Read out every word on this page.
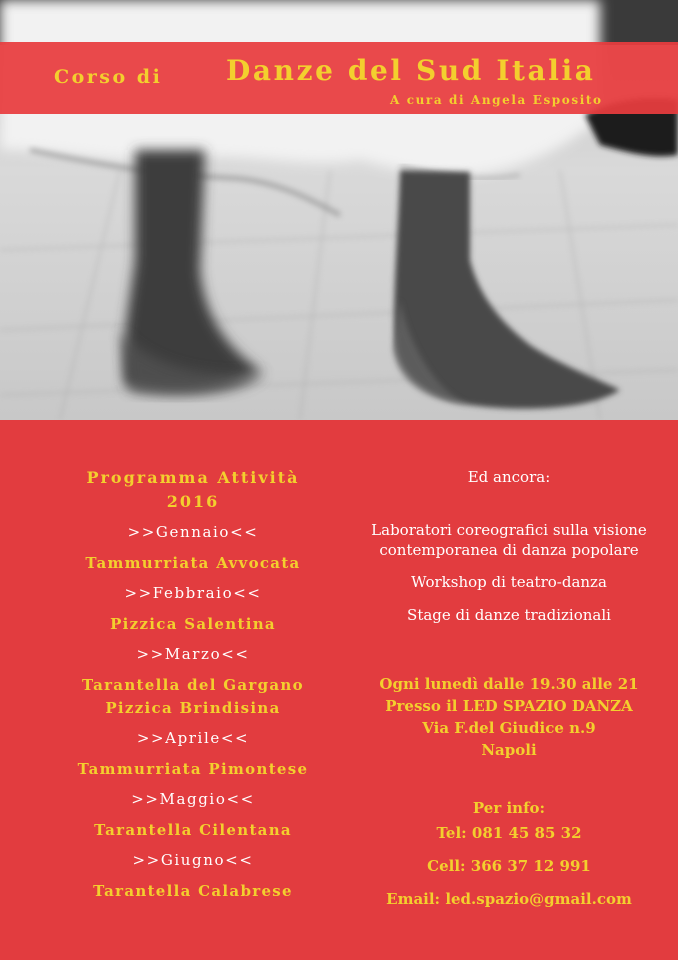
Corso di Danze del Sud Italia
A cura di Angela Esposito
Programma Attività
2016
>>Gennaio<<
Tammurriata Avvocata
>>Febbraio<<
Pizzica Salentina
>>Marzo<<
Tarantella del Gargano
Pizzica Brindisina
>>Aprile<<
Tammurriata Pimontese
>>Maggio<<
Tarantella Cilentana
>>Giugno<<
Tarantella Calabrese
Ed ancora:
Laboratori coreografici sulla visione
contemporanea di danza popolare
Workshop di teatro-danza
Stage di danze tradizionali
Ogni lunedì dalle 19.30 alle 21
Presso il LED SPAZIO DANZA
Via F.del Giudice n.9
Napoli
Per info:
Tel: 081 45 85 32
Cell: 366 37 12 991
Email: led.spazio@gmail.com
